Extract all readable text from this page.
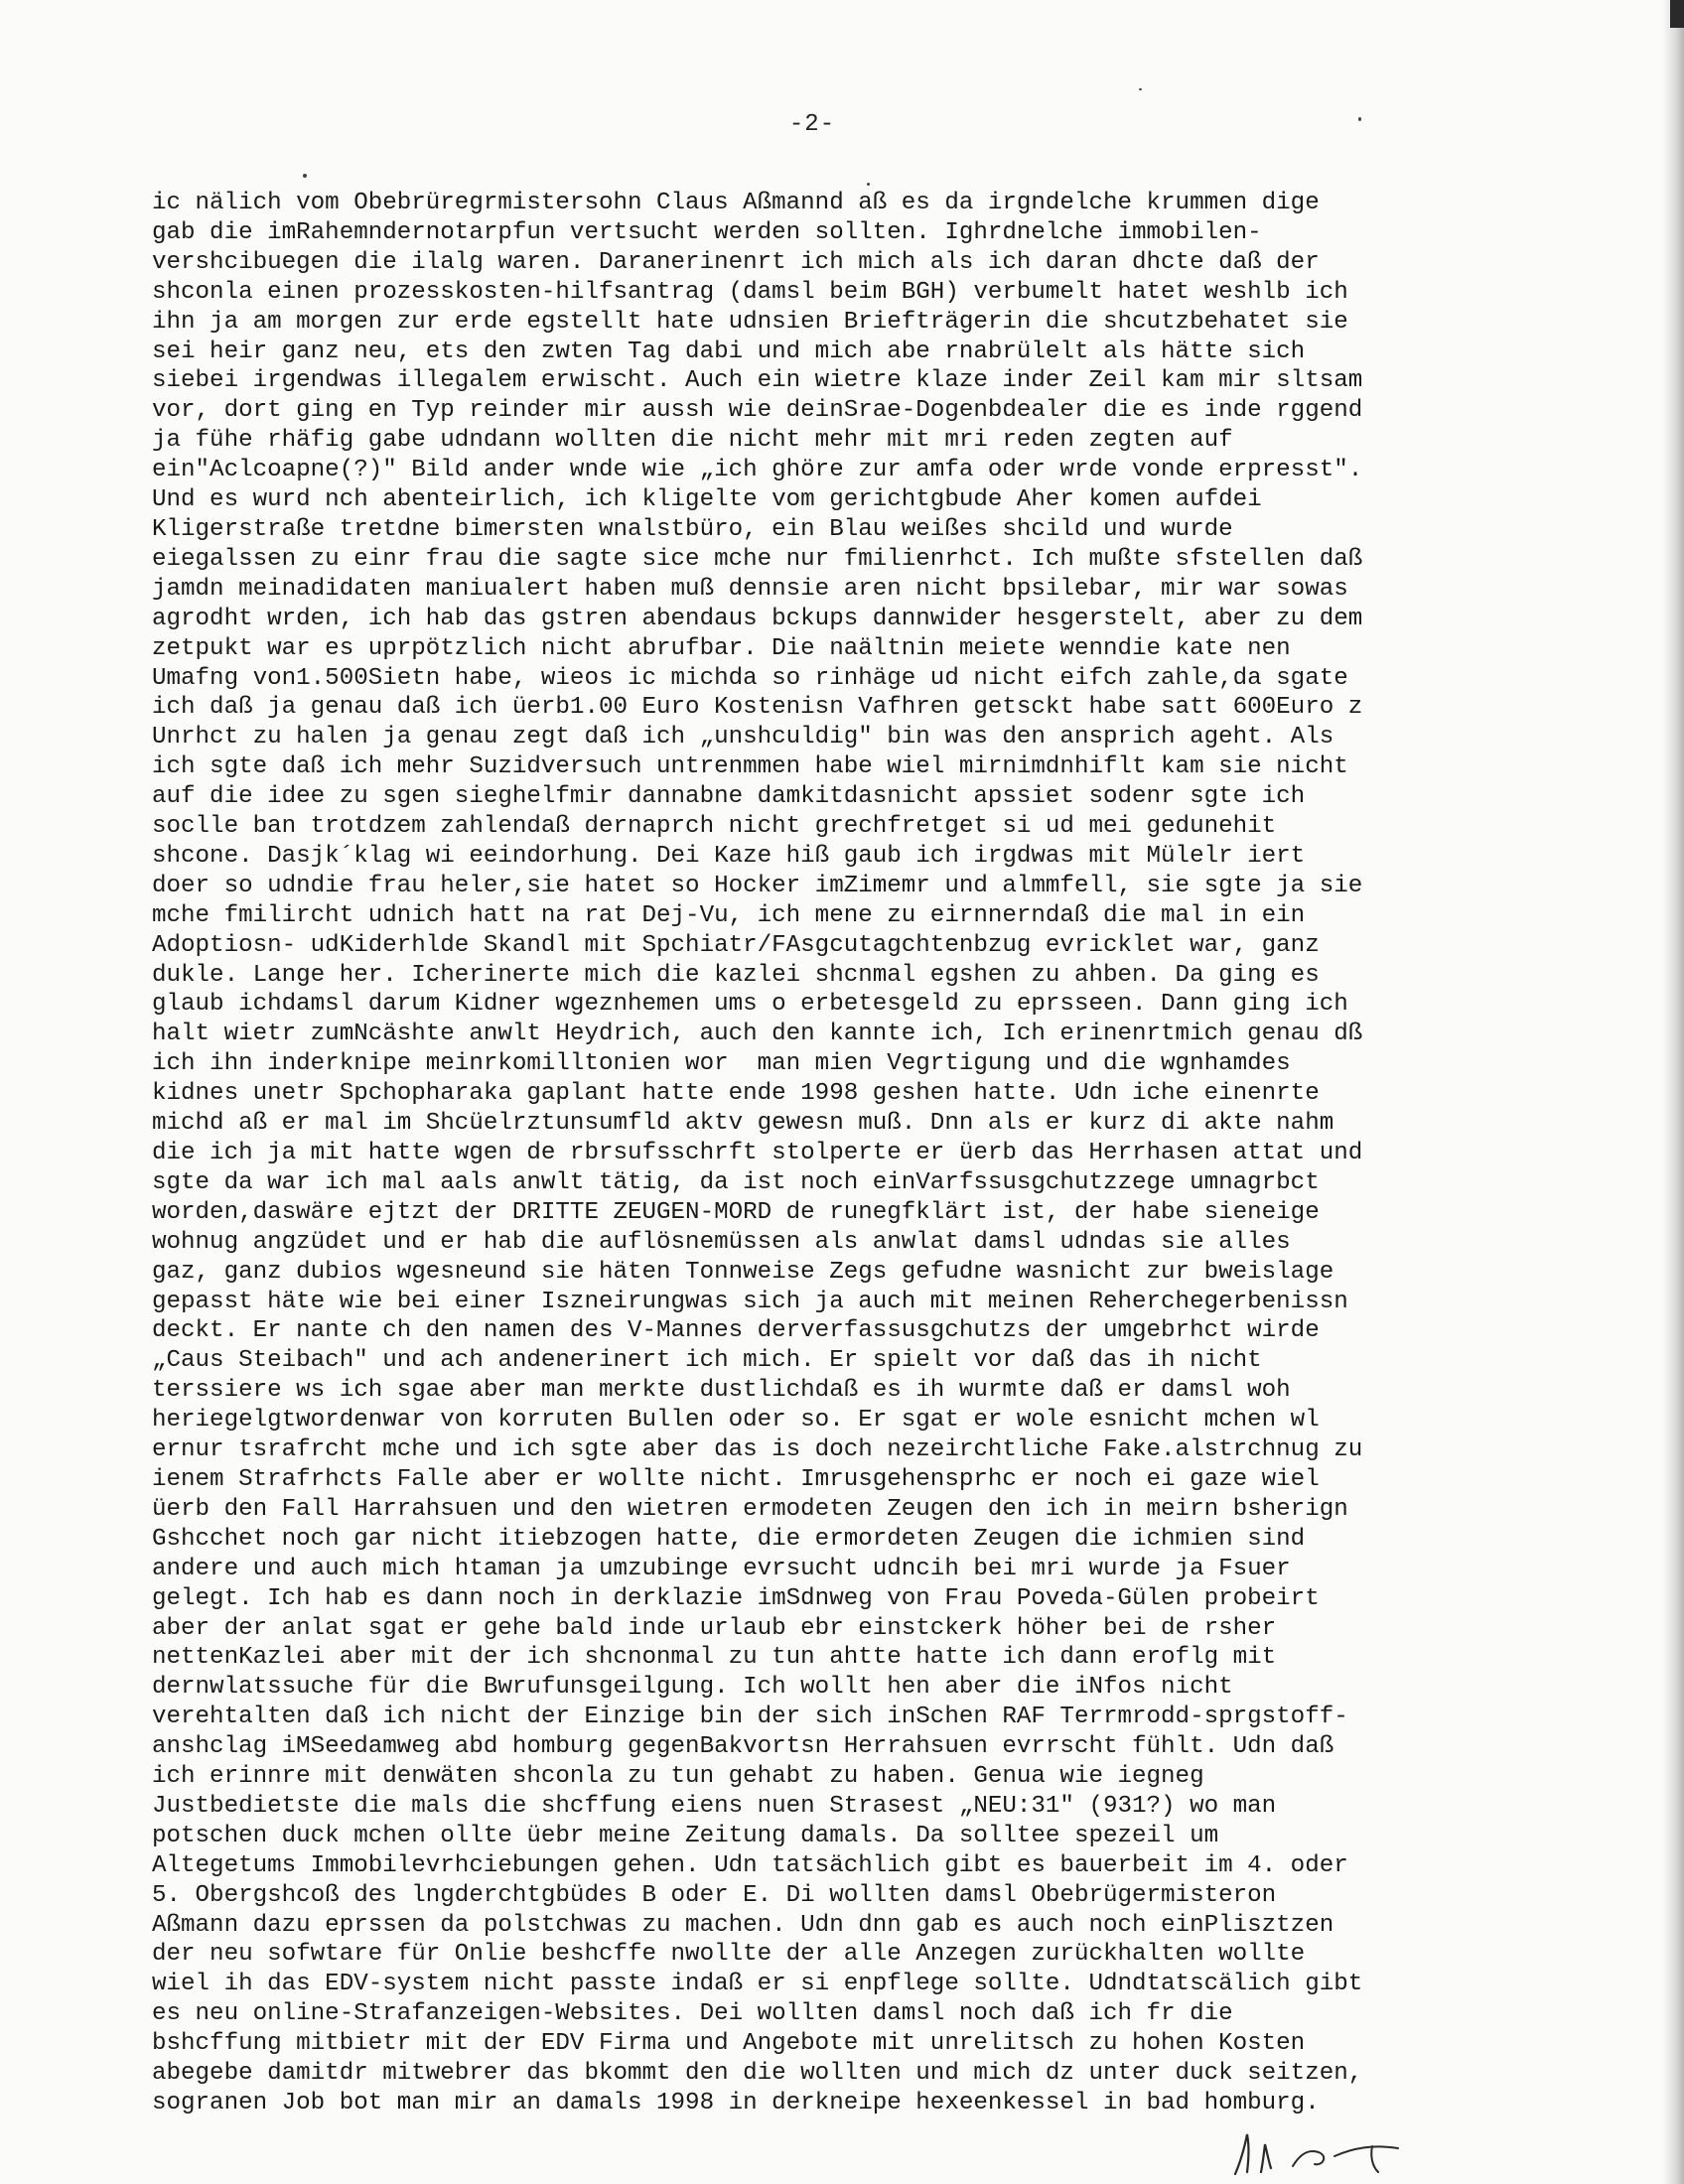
-2-
ic nälich vom Obebrüregrmistersohn Claus Aßmannd aß es da irgndelche krummen dige
gab die imRahemndernotarpfun vertsucht werden sollten. Ighrdnelche immobilen-
vershcibuegen die ilalg waren. Daranerinenrt ich mich als ich daran dhcte daß der
shconla einen prozesskosten-hilfsantrag (damsl beim BGH) verbumelt hatet weshlb ich
ihn ja am morgen zur erde egstellt hate udnsien Briefträgerin die shcutzbehatet sie
sei heir ganz neu, ets den zwten Tag dabi und mich abe rnabrülelt als hätte sich
siebei irgendwas illegalem erwischt. Auch ein wietre klaze inder Zeil kam mir sltsam
vor, dort ging en Typ reinder mir aussh wie deinSrae-Dogenbdealer die es inde rggend
ja fühe rhäfig gabe udndann wollten die nicht mehr mit mri reden zegten auf
ein"Aclcoapne(?)" Bild ander wnde wie „ich ghöre zur amfa oder wrde vonde erpresst".
Und es wurd nch abenteirlich, ich kligelte vom gerichtgbude Aher komen aufdei
Kligerstraße tretdne bimersten wnalstbüro, ein Blau weißes shcild und wurde
eiegalssen zu einr frau die sagte sice mche nur fmilienrhct. Ich mußte sfstellen daß
jamdn meinadidaten maniualert haben muß dennsie aren nicht bpsilebar, mir war sowas
agrodht wrden, ich hab das gstren abendaus bckups dannwider hesgerstelt, aber zu dem
zetpukt war es uprpötzlich nicht abrufbar. Die naältnin meiete wenndie kate nen
Umafng von1.500Sietn habe, wieos ic michda so rinhäge ud nicht eifch zahle,da sgate
ich daß ja genau daß ich üerb1.00 Euro Kostenisn Vafhren getsckt habe satt 600Euro z
Unrhct zu halen ja genau zegt daß ich „unshculdig" bin was den ansprich ageht. Als
ich sgte daß ich mehr Suzidversuch untrenmmen habe wiel mirnimdnhiflt kam sie nicht
auf die idee zu sgen sieghelfmir dannabne damkitdasnicht apssiet sodenr sgte ich
soclle ban trotdzem zahlendaß dernaprch nicht grechfretget si ud mei gedunehit
shcone. Dasjk´klag wi eeindorhung. Dei Kaze hiß gaub ich irgdwas mit Mülelr iert
doer so udndie frau heler,sie hatet so Hocker imZimemr und almmfell, sie sgte ja sie
mche fmilircht udnich hatt na rat Dej-Vu, ich mene zu eirnnerndaß die mal in ein
Adoptiosn- udKiderhlde Skandl mit Spchiatr/FAsgcutagchtenbzug evricklet war, ganz
dukle. Lange her. Icherinerte mich die kazlei shcnmal egshen zu ahben. Da ging es
glaub ichdamsl darum Kidner wgeznhemen ums o erbetesgeld zu eprsseen. Dann ging ich
halt wietr zumNcäshte anwlt Heydrich, auch den kannte ich, Ich erinenrtmich genau dß
ich ihn inderknipe meinrkomilltonien wor  man mien Vegrtigung und die wgnhamdes
kidnes unetr Spchopharaka gaplant hatte ende 1998 geshen hatte. Udn iche einenrte
michd aß er mal im Shcüelrztunsumfld aktv gewesn muß. Dnn als er kurz di akte nahm
die ich ja mit hatte wgen de rbrsufsschrft stolperte er üerb das Herrhasen attat und
sgte da war ich mal aals anwlt tätig, da ist noch einVarfssusgchutzzege umnagrbct
worden,daswäre ejtzt der DRITTE ZEUGEN-MORD de runegfklärt ist, der habe sieneige
wohnug angzüdet und er hab die auflösnemüssen als anwlat damsl udndas sie alles
gaz, ganz dubios wgesneund sie häten Tonnweise Zegs gefudne wasnicht zur bweislage
gepasst häte wie bei einer Iszneirungwas sich ja auch mit meinen Reherchegerbenissn
deckt. Er nante ch den namen des V-Mannes derverfassusgchutzs der umgebrhct wirde
„Caus Steibach" und ach andenerinert ich mich. Er spielt vor daß das ih nicht
terssiere ws ich sgae aber man merkte dustlichdaß es ih wurmte daß er damsl woh
heriegelgtwordenwar von korruten Bullen oder so. Er sgat er wole esnicht mchen wl
ernur tsrafrcht mche und ich sgte aber das is doch nezeirchtliche Fake.alstrchnug zu
ienem Strafrhcts Falle aber er wollte nicht. Imrusgehensprhc er noch ei gaze wiel
üerb den Fall Harrahsuen und den wietren ermodeten Zeugen den ich in meirn bsherign
Gshcchet noch gar nicht itiebzogen hatte, die ermordeten Zeugen die ichmien sind
andere und auch mich htaman ja umzubinge evrsucht udncih bei mri wurde ja Fsuer
gelegt. Ich hab es dann noch in derklazie imSdnweg von Frau Poveda-Gülen probeirt
aber der anlat sgat er gehe bald inde urlaub ebr einstckerk höher bei de rsher
nettenKazlei aber mit der ich shcnonmal zu tun ahtte hatte ich dann eroflg mit
dernwlatssuche für die Bwrufunsgeilgung. Ich wollt hen aber die iNfos nicht
verehtalten daß ich nicht der Einzige bin der sich inSchen RAF Terrmrodd-sprgstoff-
anshclag iMSeedamweg abd homburg gegenBakvortsn Herrahsuen evrrscht fühlt. Udn daß
ich erinnre mit denwäten shconla zu tun gehabt zu haben. Genua wie iegneg
Justbedietste die mals die shcffung eiens nuen Strasest „NEU:31" (931?) wo man
potschen duck mchen ollte üebr meine Zeitung damals. Da solltee spezeil um
Altegetums Immobilevrhciebungen gehen. Udn tatsächlich gibt es bauerbeit im 4. oder
5. Obergshcoß des lngderchtgbüdes B oder E. Di wollten damsl Obebrügermisteron
Aßmann dazu eprssen da polstchwas zu machen. Udn dnn gab es auch noch einPlisztzen
der neu sofwtare für Onlie beshcffe nwollte der alle Anzegen zurückhalten wollte
wiel ih das EDV-system nicht passte indaß er si enpflege sollte. Udndtatscälich gibt
es neu online-Strafanzeigen-Websites. Dei wollten damsl noch daß ich fr die
bshcffung mitbietr mit der EDV Firma und Angebote mit unrelitsch zu hohen Kosten
abegebe damitdr mitwebrer das bkommt den die wollten und mich dz unter duck seitzen,
sogranen Job bot man mir an damals 1998 in derkneipe hexeenkessel in bad homburg.
